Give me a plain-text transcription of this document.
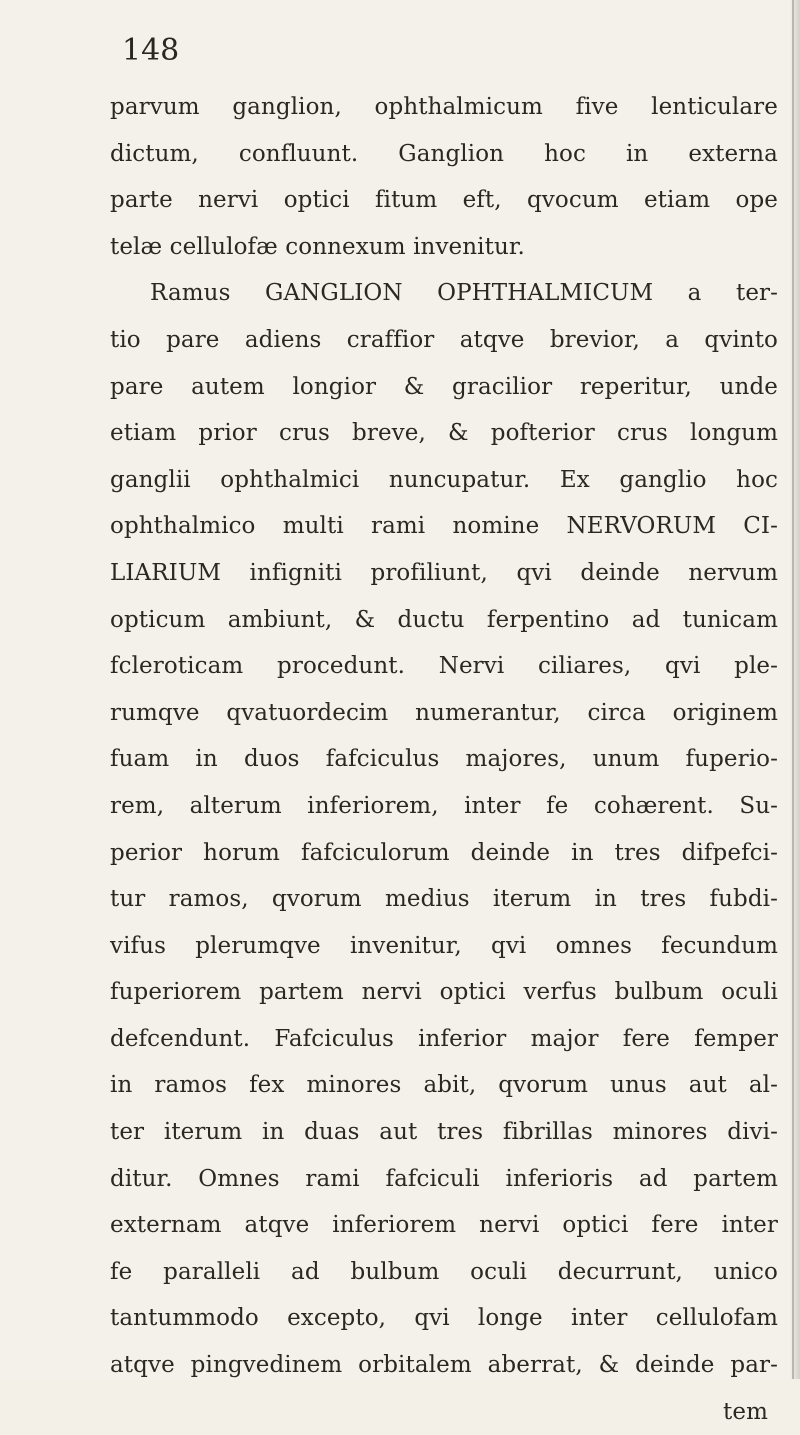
148

parvum ganglion, ophthalmicum five lenticulare
dictum, confluunt. Ganglion hoc in externa
parte nervi optici fitum eft, qvocum etiam ope
telæ cellulofæ connexum invenitur.
Ramus GANGLION OPHTHALMICUM a ter-
tio pare adiens craffior atqve brevior, a qvinto
pare autem longior & gracilior reperitur, unde
etiam prior crus breve, & pofterior crus longum
ganglii ophthalmici nuncupatur. Ex ganglio hoc
ophthalmico multi rami nomine NERVORUM CI-
LIARIUM infigniti profiliunt, qvi deinde nervum
opticum ambiunt, & ductu ferpentino ad tunicam
fcleroticam procedunt. Nervi ciliares, qvi ple-
rumqve qvatuordecim numerantur, circa originem
fuam in duos fafciculus majores, unum fuperio-
rem, alterum inferiorem, inter fe cohærent. Su-
perior horum fafciculorum deinde in tres difpefci-
tur ramos, qvorum medius iterum in tres fubdi-
vifus plerumqve invenitur, qvi omnes fecundum
fuperiorem partem nervi optici verfus bulbum oculi
defcendunt. Fafciculus inferior major fere femper
in ramos fex minores abit, qvorum unus aut al-
ter iterum in duas aut tres fibrillas minores divi-
ditur. Omnes rami fafciculi inferioris ad partem
externam atqve inferiorem nervi optici fere inter
fe paralleli ad bulbum oculi decurrunt, unico
tantummodo excepto, qvi longe inter cellulofam
atqve pingvedinem orbitalem aberrat, & deinde par-
tem
